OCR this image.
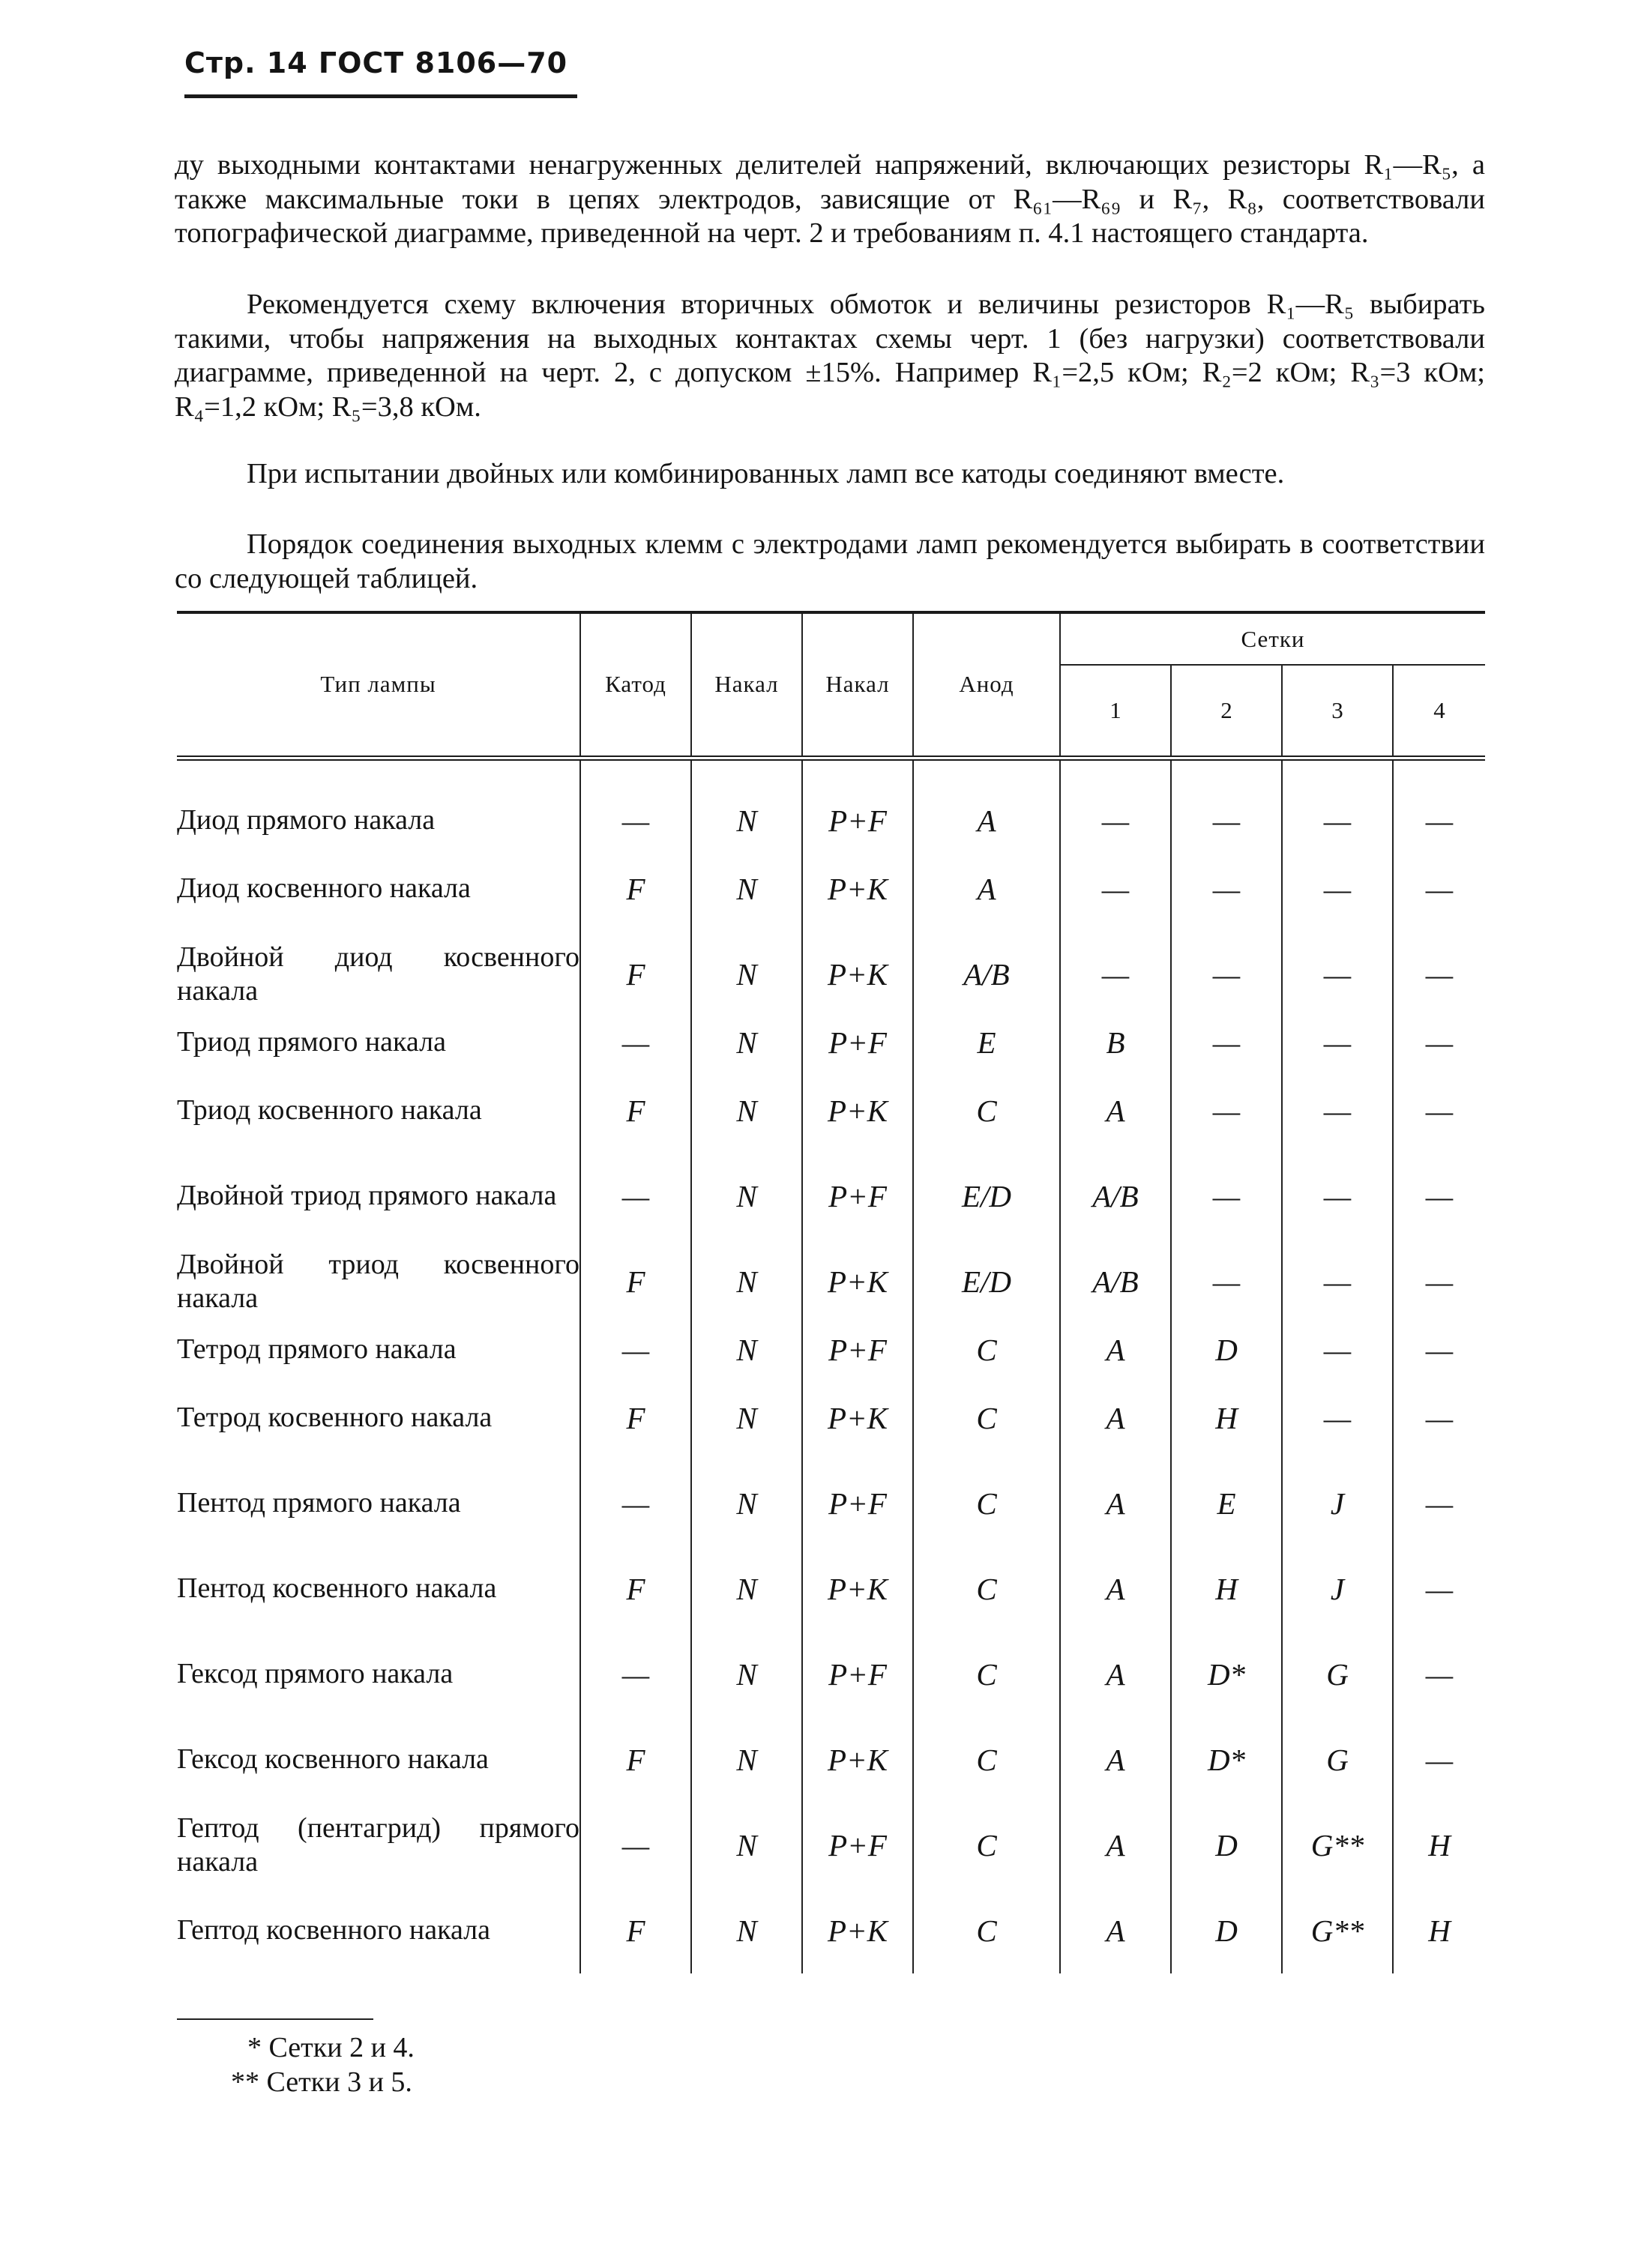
Стр. 14 ГОСТ 8106—70

ду выходными контактами ненагруженных делителей напряжений, включающих резисторы R₁—R₅, а также максимальные токи в цепях электродов, зависящие от R₆₁—R₆₉ и R₇, R₈, соответствовали топографической диаграмме, приведенной на черт. 2 и требованиям п. 4.1 настоящего стандарта.

Рекомендуется схему включения вторичных обмоток и величины резисторов R₁—R₅ выбирать такими, чтобы напряжения на выходных контактах схемы черт. 1 (без нагрузки) соответствовали диаграмме, приведенной на черт. 2, с допуском ±15%. Например R₁=2,5 кОм; R₂=2 кОм; R₃=3 кОм; R₄=1,2 кОм; R₅=3,8 кОм.

При испытании двойных или комбинированных ламп все катоды соединяют вместе.

Порядок соединения выходных клемм с электродами ламп рекомендуется выбирать в соответствии со следующей таблицей.

Тип лампы	Катод	Накал	Накал	Анод	Сетки			
					1	2	3	4

Диод прямого накала	—	N	P+F	A	—	—	—	—
Диод косвенного накала	F	N	P+K	A	—	—	—	—
Двойной диод косвенного накала	F	N	P+K	A/B	—	—	—	—
Триод прямого накала	—	N	P+F	E	B	—	—	—
Триод косвенного накала	F	N	P+K	C	A	—	—	—
Двойной триод прямого накала	—	N	P+F	E/D	A/B	—	—	—
Двойной триод косвенного накала	F	N	P+K	E/D	A/B	—	—	—
Тетрод прямого накала	—	N	P+F	C	A	D	—	—
Тетрод косвенного накала	F	N	P+K	C	A	H	—	—
Пентод прямого накала	—	N	P+F	C	A	E	J	—
Пентод косвенного накала	F	N	P+K	C	A	H	J	—
Гексод прямого накала	—	N	P+F	C	A	D*	G	—
Гексод косвенного накала	F	N	P+K	C	A	D*	G	—
Гептод (пентагрид) прямого накала	—	N	P+F	C	A	D	G**	H
Гептод косвенного накала	F	N	P+K	C	A	D	G**	H
* Сетки 2 и 4.
** Сетки 3 и 5.
